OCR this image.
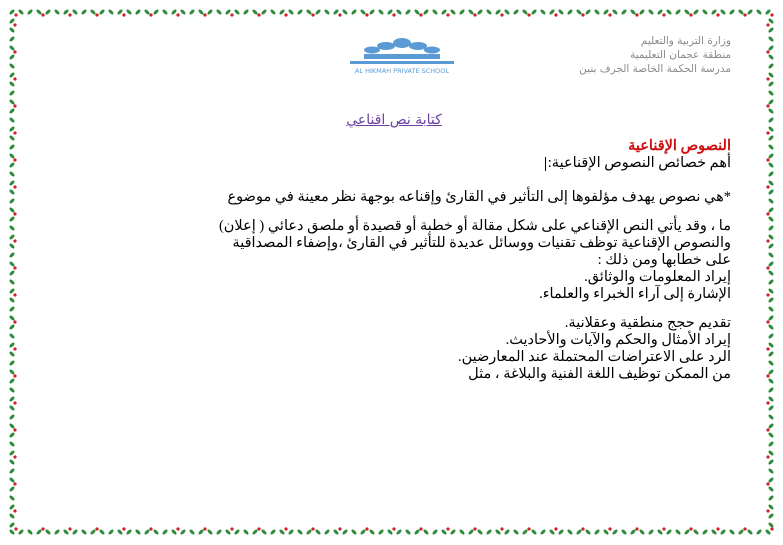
AL HIKMAH PRIVATE SCHOOL
وزارة التربية والتعليم
منطقة عجمان التعليمية
مدرسة الحكمة الخاصة الجرف بنين
كتابة نص اقناعي
النصوص الإقناعية
أهم خصائص النصوص الإقناعية:
*هي نصوص يهدف مؤلفوها إلى التأثير في القارئ وإقناعه بوجهة نظر معينة في موضوع
ما ، وقد يأتي النص الإقناعي على شكل مقالة أو خطبة أو قصيدة أو ملصق دعائي ( إعلان)
والنصوص الإقناعية توظف تقنيات ووسائل عديدة للتأثير في القارئ ،وإضفاء المصداقية
على خطابها ومن ذلك :
إيراد المعلومات والوثائق.
الإشارة إلى آراء الخبراء والعلماء.
تقديم حجج منطقية وعقلانية.
إيراد الأمثال والحكم والآيات والأحاديث.
الرد على الاعتراضات المحتملة عند المعارضين.
من الممكن توظيف اللغة الفنية والبلاغة ، مثل
